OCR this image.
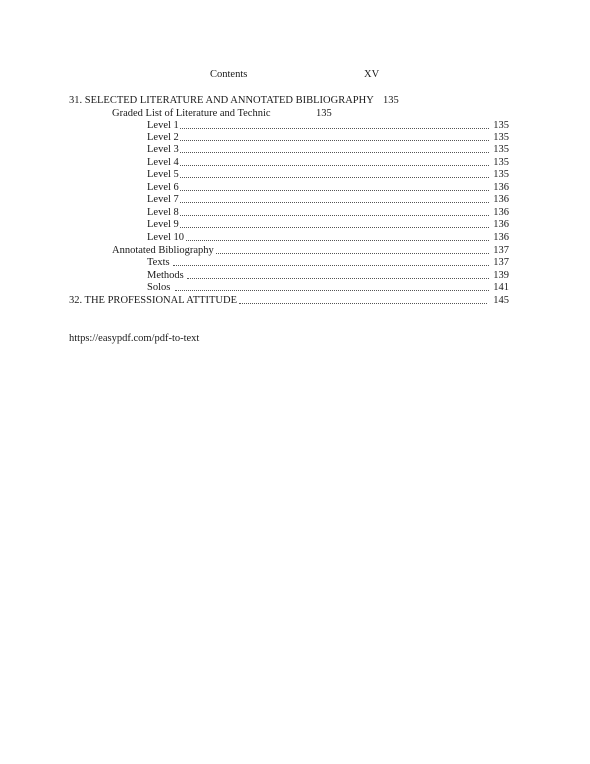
Contents	XV
31. SELECTED LITERATURE AND ANNOTATED BIBLIOGRAPHY 135
Graded List of Literature and Technic	135
Level 1	135
Level 2	135
Level 3	135
Level 4	135
Level 5	135
Level 6	136
Level 7	136
Level 8	136
Level 9	136
Level 10	136
Annotated Bibliography	137
Texts	137
Methods	139
Solos	141
32. THE PROFESSIONAL ATTITUDE	145
https://easypdf.com/pdf-to-text
